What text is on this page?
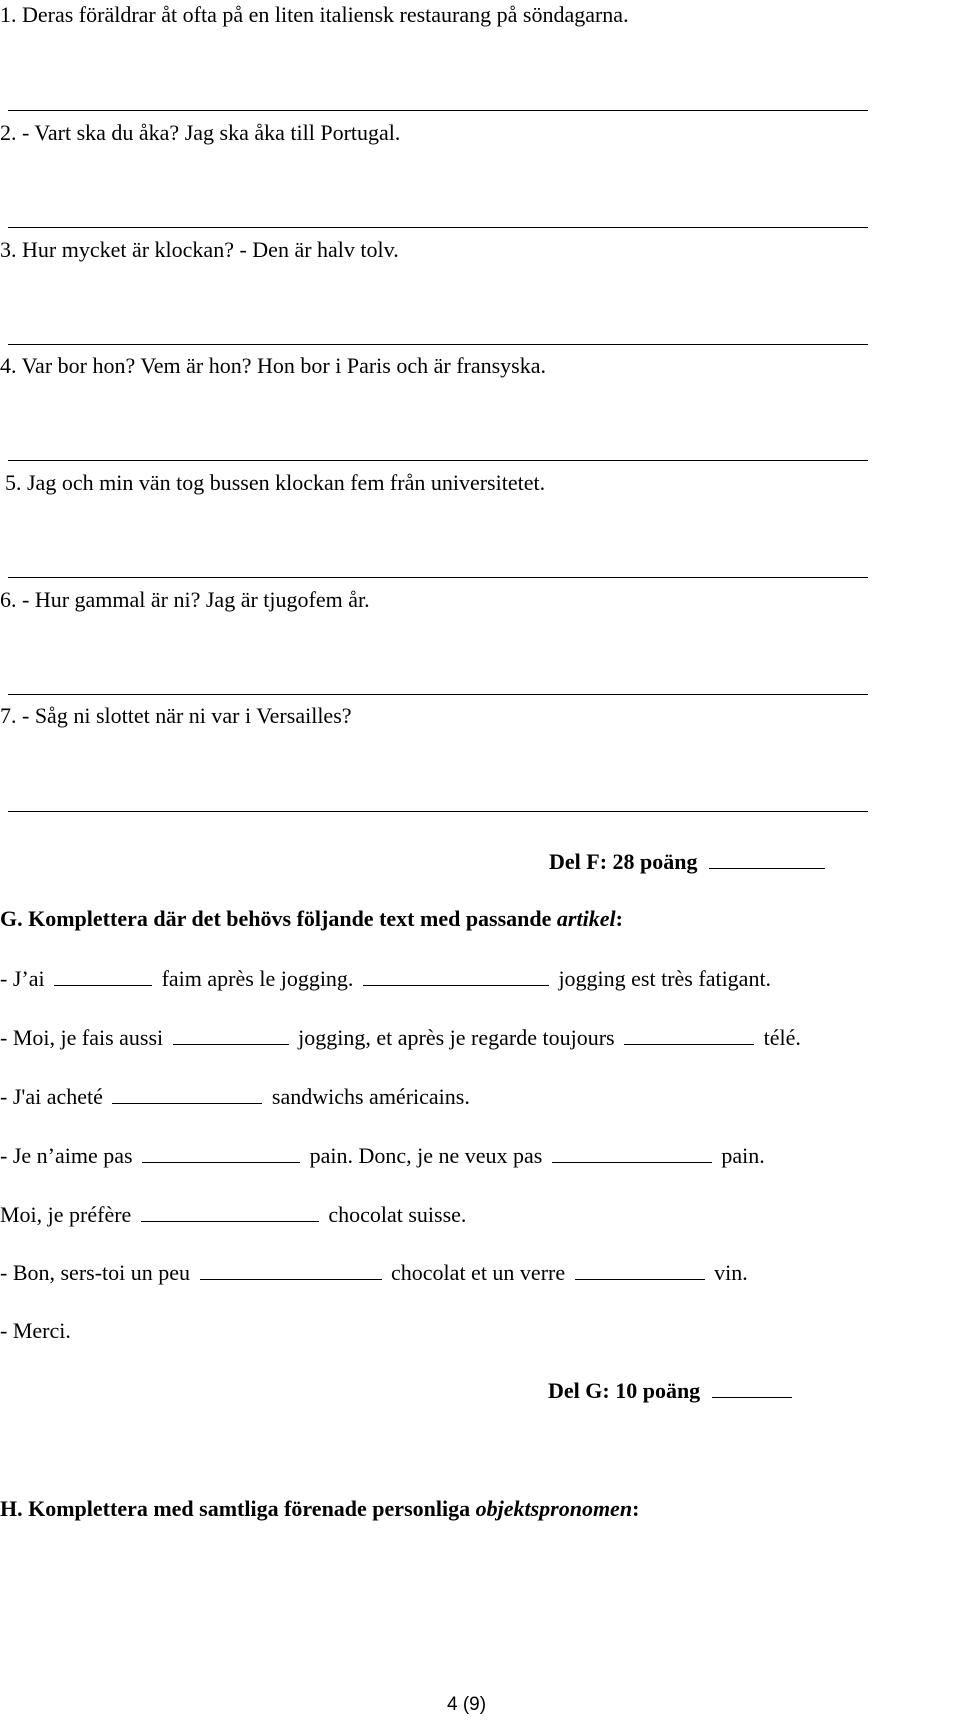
1. Deras föräldrar åt ofta på en liten italiensk restaurang på söndagarna.
2. - Vart ska du åka? Jag ska åka till Portugal.
3. Hur mycket är klockan? - Den är halv tolv.
4. Var bor hon? Vem är hon? Hon bor i Paris och är fransyska.
5. Jag och min vän tog bussen klockan fem från universitetet.
6. - Hur gammal är ni? Jag är tjugofem år.
7. - Såg ni slottet när ni var i Versailles?
Del F: 28 poäng
G. Komplettera där det behövs följande text med passande artikel:
- J’ai	faim après le jogging.	jogging est très fatigant.
- Moi, je fais aussi	jogging, et après je regarde toujours	télé.
- J'ai acheté	sandwichs américains.
- Je n’aime pas	pain. Donc, je ne veux pas	pain.
Moi, je préfère	chocolat suisse.
- Bon, sers-toi un peu	chocolat et un verre	vin.
- Merci.
Del G: 10 poäng
H. Komplettera med samtliga förenade personliga objektspronomen:
4 (9)
